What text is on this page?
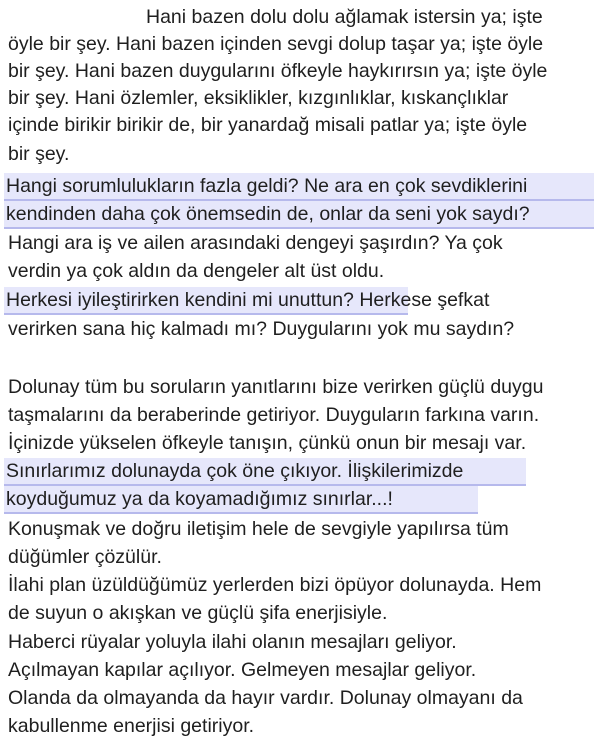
Hani bazen dolu dolu ağlamak istersin ya; işte
öyle bir şey. Hani bazen içinden sevgi dolup taşar ya; işte öyle
bir şey. Hani bazen duygularını öfkeyle haykırırsın ya; işte öyle
bir şey. Hani özlemler, eksiklikler, kızgınlıklar, kıskançlıklar
içinde birikir birikir de, bir yanardağ misali patlar ya; işte öyle
bir şey.
Hangi sorumlulukların fazla geldi? Ne ara en çok sevdiklerini
kendinden daha çok önemsedin de, onlar da seni yok saydı?
Hangi ara iş ve ailen arasındaki dengeyi şaşırdın? Ya çok
verdin ya çok aldın da dengeler alt üst oldu.
Herkesi iyileştirirken kendini mi unuttun? Herkese şefkat
verirken sana hiç kalmadı mı? Duygularını yok mu saydın?
Dolunay tüm bu soruların yanıtlarını bize verirken güçlü duygu
taşmalarını da beraberinde getiriyor. Duyguların farkına varın.
İçinizde yükselen öfkeyle tanışın, çünkü onun bir mesajı var.
Sınırlarımız dolunayda çok öne çıkıyor. İlişkilerimizde
koyduğumuz ya da koyamadığımız sınırlar...!
Konuşmak ve doğru iletişim hele de sevgiyle yapılırsa tüm
düğümler çözülür.
İlahi plan üzüldüğümüz yerlerden bizi öpüyor dolunayda. Hem
de suyun o akışkan ve güçlü şifa enerjisiyle.
Haberci rüyalar yoluyla ilahi olanın mesajları geliyor.
Açılmayan kapılar açılıyor. Gelmeyen mesajlar geliyor.
Olanda da olmayanda da hayır vardır. Dolunay olmayanı da
kabullenme enerjisi getiriyor.
